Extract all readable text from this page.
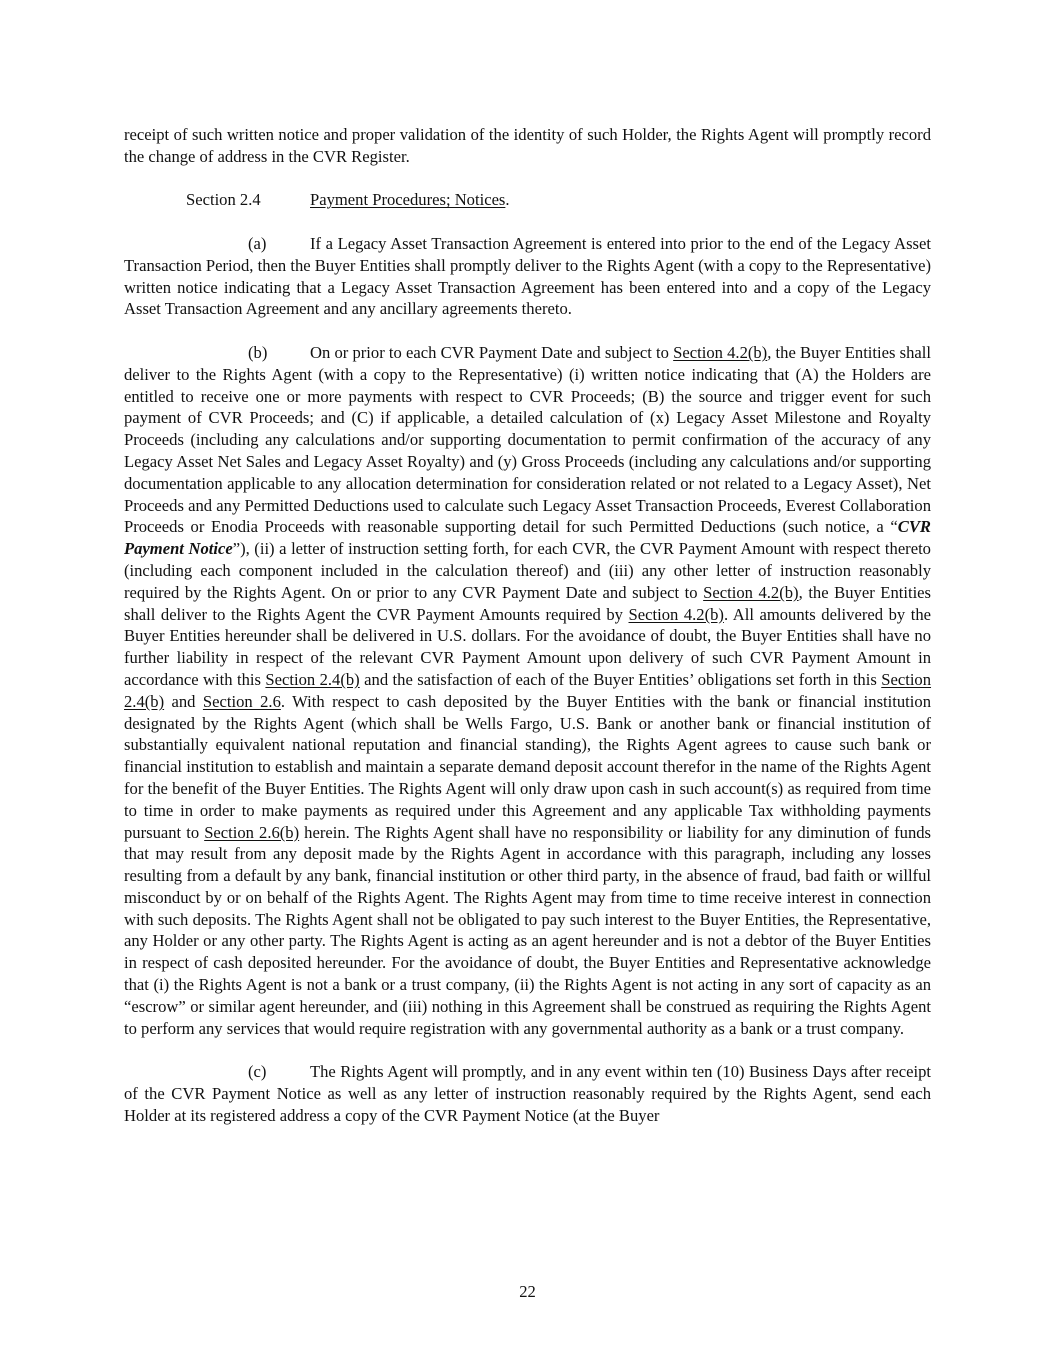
receipt of such written notice and proper validation of the identity of such Holder, the Rights Agent will promptly record the change of address in the CVR Register.

Section 2.4	Payment Procedures; Notices.

(a)	If a Legacy Asset Transaction Agreement is entered into prior to the end of the Legacy Asset Transaction Period, then the Buyer Entities shall promptly deliver to the Rights Agent (with a copy to the Representative) written notice indicating that a Legacy Asset Transaction Agreement has been entered into and a copy of the Legacy Asset Transaction Agreement and any ancillary agreements thereto.

(b)	On or prior to each CVR Payment Date and subject to Section 4.2(b), the Buyer Entities shall deliver to the Rights Agent (with a copy to the Representative) (i) written notice indicating that (A) the Holders are entitled to receive one or more payments with respect to CVR Proceeds; (B) the source and trigger event for such payment of CVR Proceeds; and (C) if applicable, a detailed calculation of (x) Legacy Asset Milestone and Royalty Proceeds (including any calculations and/or supporting documentation to permit confirmation of the accuracy of any Legacy Asset Net Sales and Legacy Asset Royalty) and (y) Gross Proceeds (including any calculations and/or supporting documentation applicable to any allocation determination for consideration related or not related to a Legacy Asset), Net Proceeds and any Permitted Deductions used to calculate such Legacy Asset Transaction Proceeds, Everest Collaboration Proceeds or Enodia Proceeds with reasonable supporting detail for such Permitted Deductions (such notice, a “CVR Payment Notice”), (ii) a letter of instruction setting forth, for each CVR, the CVR Payment Amount with respect thereto (including each component included in the calculation thereof) and (iii) any other letter of instruction reasonably required by the Rights Agent. On or prior to any CVR Payment Date and subject to Section 4.2(b), the Buyer Entities shall deliver to the Rights Agent the CVR Payment Amounts required by Section 4.2(b). All amounts delivered by the Buyer Entities hereunder shall be delivered in U.S. dollars. For the avoidance of doubt, the Buyer Entities shall have no further liability in respect of the relevant CVR Payment Amount upon delivery of such CVR Payment Amount in accordance with this Section 2.4(b) and the satisfaction of each of the Buyer Entities’ obligations set forth in this Section 2.4(b) and Section 2.6. With respect to cash deposited by the Buyer Entities with the bank or financial institution designated by the Rights Agent (which shall be Wells Fargo, U.S. Bank or another bank or financial institution of substantially equivalent national reputation and financial standing), the Rights Agent agrees to cause such bank or financial institution to establish and maintain a separate demand deposit account therefor in the name of the Rights Agent for the benefit of the Buyer Entities. The Rights Agent will only draw upon cash in such account(s) as required from time to time in order to make payments as required under this Agreement and any applicable Tax withholding payments pursuant to Section 2.6(b) herein. The Rights Agent shall have no responsibility or liability for any diminution of funds that may result from any deposit made by the Rights Agent in accordance with this paragraph, including any losses resulting from a default by any bank, financial institution or other third party, in the absence of fraud, bad faith or willful misconduct by or on behalf of the Rights Agent. The Rights Agent may from time to time receive interest in connection with such deposits. The Rights Agent shall not be obligated to pay such interest to the Buyer Entities, the Representative, any Holder or any other party. The Rights Agent is acting as an agent hereunder and is not a debtor of the Buyer Entities in respect of cash deposited hereunder. For the avoidance of doubt, the Buyer Entities and Representative acknowledge that (i) the Rights Agent is not a bank or a trust company, (ii) the Rights Agent is not acting in any sort of capacity as an “escrow” or similar agent hereunder, and (iii) nothing in this Agreement shall be construed as requiring the Rights Agent to perform any services that would require registration with any governmental authority as a bank or a trust company.

(c)	The Rights Agent will promptly, and in any event within ten (10) Business Days after receipt of the CVR Payment Notice as well as any letter of instruction reasonably required by the Rights Agent, send each Holder at its registered address a copy of the CVR Payment Notice (at the Buyer

22
